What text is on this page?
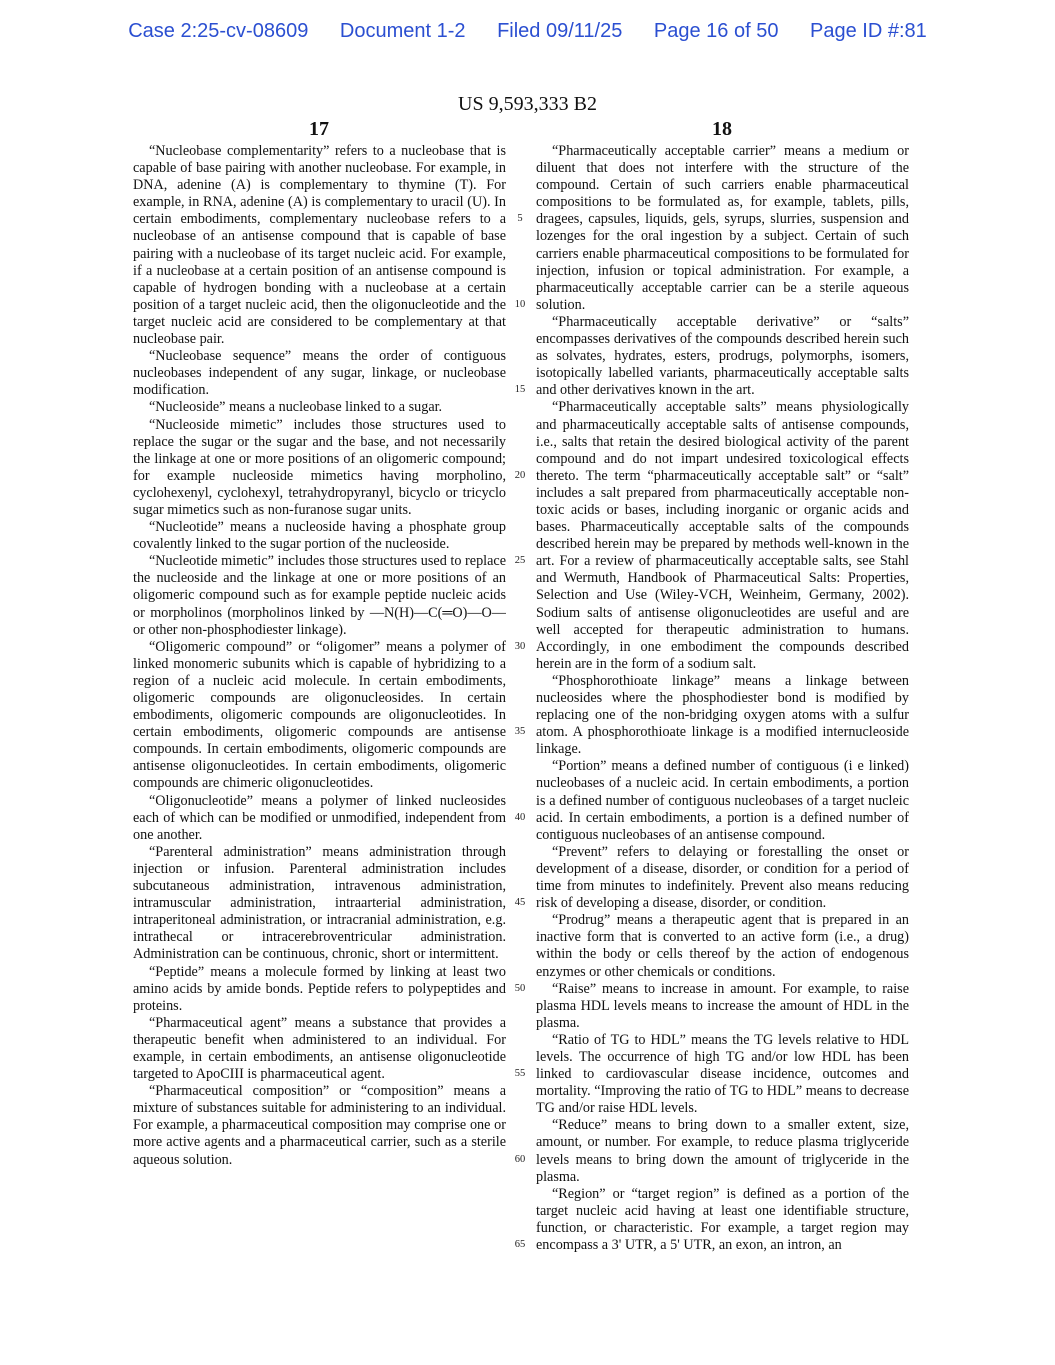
Case 2:25-cv-08609 Document 1-2 Filed 09/11/25 Page 16 of 50 Page ID #:81
US 9,593,333 B2
17	18

“Nucleobase complementarity” refers to a nucleobase that is capable of base pairing with another nucleobase. For example, in DNA, adenine (A) is complementary to thymine (T). For example, in RNA, adenine (A) is complementary to uracil (U). In certain embodiments, complementary nucleobase refers to a nucleobase of an antisense compound that is capable of base pairing with a nucleobase of its target nucleic acid. For example, if a nucleobase at a certain position of an antisense compound is capable of hydrogen bonding with a nucleobase at a certain position of a target nucleic acid, then the oligonucleotide and the target nucleic acid are considered to be complementary at that nucleobase pair.

“Nucleobase sequence” means the order of contiguous nucleobases independent of any sugar, linkage, or nucleobase modification.

“Nucleoside” means a nucleobase linked to a sugar.

“Nucleoside mimetic” includes those structures used to replace the sugar or the sugar and the base, and not necessarily the linkage at one or more positions of an oligomeric compound; for example nucleoside mimetics having morpholino, cyclohexenyl, cyclohexyl, tetrahydropyranyl, bicyclo or tricyclo sugar mimetics such as non-furanose sugar units.

“Nucleotide” means a nucleoside having a phosphate group covalently linked to the sugar portion of the nucleoside.

“Nucleotide mimetic” includes those structures used to replace the nucleoside and the linkage at one or more positions of an oligomeric compound such as for example peptide nucleic acids or morpholinos (morpholinos linked by —N(H)—C(═O)—O— or other non-phosphodiester linkage).

“Oligomeric compound” or “oligomer” means a polymer of linked monomeric subunits which is capable of hybridizing to a region of a nucleic acid molecule. In certain embodiments, oligomeric compounds are oligonucleosides. In certain embodiments, oligomeric compounds are oligonucleotides. In certain embodiments, oligomeric compounds are antisense compounds. In certain embodiments, oligomeric compounds are antisense oligonucleotides. In certain embodiments, oligomeric compounds are chimeric oligonucleotides.

“Oligonucleotide” means a polymer of linked nucleosides each of which can be modified or unmodified, independent from one another.

“Parenteral administration” means administration through injection or infusion. Parenteral administration includes subcutaneous administration, intravenous administration, intramuscular administration, intraarterial administration, intraperitoneal administration, or intracranial administration, e.g. intrathecal or intracerebroventricular administration. Administration can be continuous, chronic, short or intermittent.

“Peptide” means a molecule formed by linking at least two amino acids by amide bonds. Peptide refers to polypeptides and proteins.

“Pharmaceutical agent” means a substance that provides a therapeutic benefit when administered to an individual. For example, in certain embodiments, an antisense oligonucleotide targeted to ApoCIII is pharmaceutical agent.

“Pharmaceutical composition” or “composition” means a mixture of substances suitable for administering to an individual. For example, a pharmaceutical composition may comprise one or more active agents and a pharmaceutical carrier, such as a sterile aqueous solution.

5
10
15
20
25
30
35
40
45
50
55
60
65

“Pharmaceutically acceptable carrier” means a medium or diluent that does not interfere with the structure of the compound. Certain of such carriers enable pharmaceutical compositions to be formulated as, for example, tablets, pills, dragees, capsules, liquids, gels, syrups, slurries, suspension and lozenges for the oral ingestion by a subject. Certain of such carriers enable pharmaceutical compositions to be formulated for injection, infusion or topical administration. For example, a pharmaceutically acceptable carrier can be a sterile aqueous solution.

“Pharmaceutically acceptable derivative” or “salts” encompasses derivatives of the compounds described herein such as solvates, hydrates, esters, prodrugs, polymorphs, isomers, isotopically labelled variants, pharmaceutically acceptable salts and other derivatives known in the art.

“Pharmaceutically acceptable salts” means physiologically and pharmaceutically acceptable salts of antisense compounds, i.e., salts that retain the desired biological activity of the parent compound and do not impart undesired toxicological effects thereto. The term “pharmaceutically acceptable salt” or “salt” includes a salt prepared from pharmaceutically acceptable non-toxic acids or bases, including inorganic or organic acids and bases. Pharmaceutically acceptable salts of the compounds described herein may be prepared by methods well-known in the art. For a review of pharmaceutically acceptable salts, see Stahl and Wermuth, Handbook of Pharmaceutical Salts: Properties, Selection and Use (Wiley-VCH, Weinheim, Germany, 2002). Sodium salts of antisense oligonucleotides are useful and are well accepted for therapeutic administration to humans. Accordingly, in one embodiment the compounds described herein are in the form of a sodium salt.

“Phosphorothioate linkage” means a linkage between nucleosides where the phosphodiester bond is modified by replacing one of the non-bridging oxygen atoms with a sulfur atom. A phosphorothioate linkage is a modified internucleoside linkage.

“Portion” means a defined number of contiguous (i e linked) nucleobases of a nucleic acid. In certain embodiments, a portion is a defined number of contiguous nucleobases of a target nucleic acid. In certain embodiments, a portion is a defined number of contiguous nucleobases of an antisense compound.

“Prevent” refers to delaying or forestalling the onset or development of a disease, disorder, or condition for a period of time from minutes to indefinitely. Prevent also means reducing risk of developing a disease, disorder, or condition.

“Prodrug” means a therapeutic agent that is prepared in an inactive form that is converted to an active form (i.e., a drug) within the body or cells thereof by the action of endogenous enzymes or other chemicals or conditions.

“Raise” means to increase in amount. For example, to raise plasma HDL levels means to increase the amount of HDL in the plasma.

“Ratio of TG to HDL” means the TG levels relative to HDL levels. The occurrence of high TG and/or low HDL has been linked to cardiovascular disease incidence, outcomes and mortality. “Improving the ratio of TG to HDL” means to decrease TG and/or raise HDL levels.

“Reduce” means to bring down to a smaller extent, size, amount, or number. For example, to reduce plasma triglyceride levels means to bring down the amount of triglyceride in the plasma.

“Region” or “target region” is defined as a portion of the target nucleic acid having at least one identifiable structure, function, or characteristic. For example, a target region may encompass a 3' UTR, a 5' UTR, an exon, an intron, an
